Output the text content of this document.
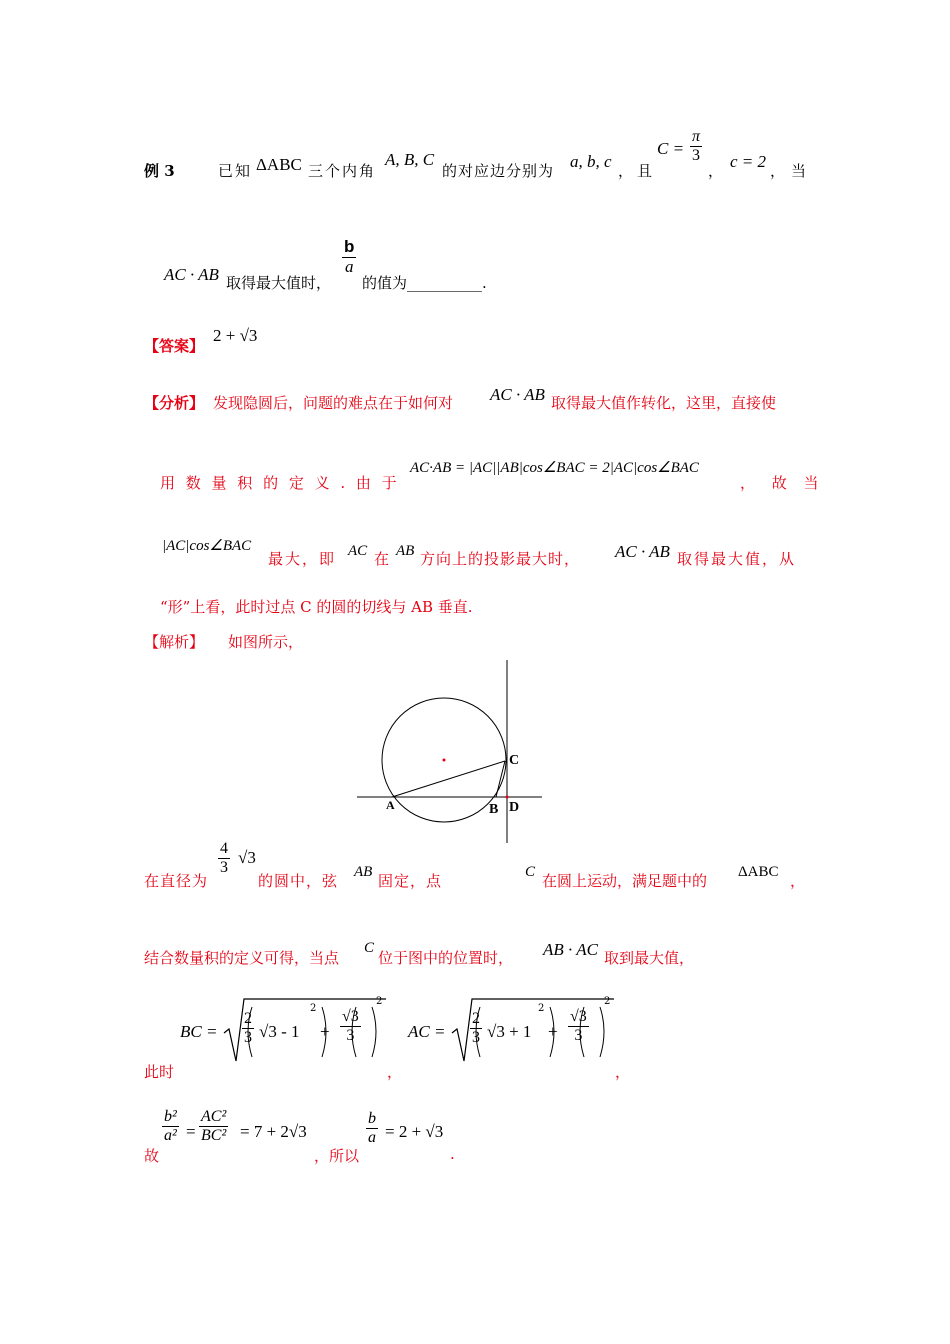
例 3	已知 ΔABC 三个内角
A, B, C
的对应边分别为 a, b, c ，且
$C = \frac{\pi}{3}$
， c = 2 ，当
AC · AB 取得最大值时，
$\frac{b}{a}$
的值为__________.
【答案】
2 + √3
【分析】 发现隐圆后，问题的难点在于如何对 AC · AB 取得最大值作转化，这里，直接使
用 数 量 积 的 定 义 . 由 于
AC·AB = |AC||AB|cos∠BAC = 2|AC|cos∠BAC
， 故 当
|AC|cos∠BAC
最大，即 AC 在 AB 方向上的投影最大时， AC · AB 取得最大值，从
“形”上看，此时过点 C 的圆的切线与 AB 垂直.
【解析】 如图所示，
A	B
C
D
在直径为
$\frac{4}{3} √3$
的圆中，弦 AB 固定，点	C 在圆上运动，满足题中的 ΔABC ，
结合数量积的定义可得，当点
C
位于图中的位置时， AB · AC 取到最大值，
此时
BC = $\frac{2}{3} √3 - 1$
2
+ $\frac{√3}{3}$
2
，
AC = $\frac{2}{3} √3 + 1$
2
+ $\frac{√3}{3}$
2
，
故
$\frac{\text{b²}}{\text{a²}} = \frac{\text{AC²}}{\text{BC²}} = 7 + 2√3$
，所以
$\frac{b}{a} = 2 + √3$
.
